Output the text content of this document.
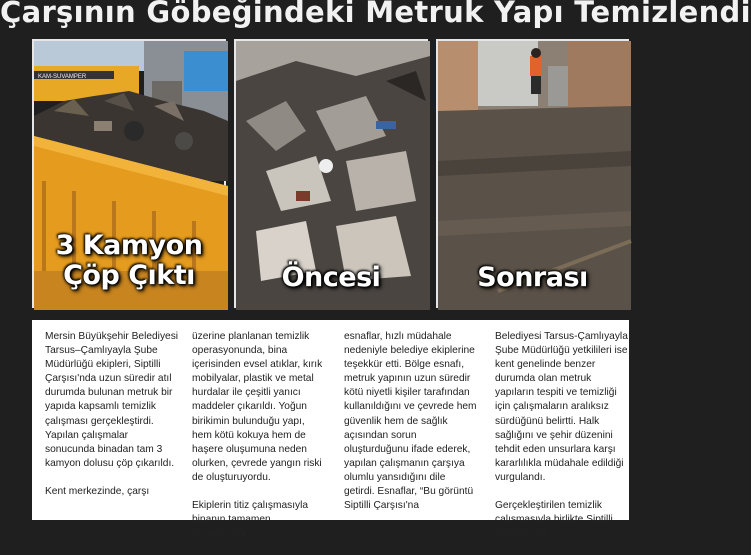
Çarşının Göbeğindeki Metruk Yapı Temizlendi
KAM-SUVAMPER
3 Kamyon
Çöp Çıktı	Öncesi	Sonrası

Mersin Büyükşehir Belediyesi Tarsus–Çamlıyayla Şube Müdürlüğü ekipleri, Siptilli Çarşısı'nda uzun süredir atıl durumda bulunan metruk bir yapıda kapsamlı temizlik çalışması gerçekleştirdi. Yapılan çalışmalar sonucunda binadan tam 3 kamyon dolusu çöp çıkarıldı.

Kent merkezinde, çarşı

üzerine planlanan temizlik operasyonunda, bina içerisinden evsel atıklar, kırık mobilyalar, plastik ve metal hurdalar ile çeşitli yanıcı maddeler çıkarıldı. Yoğun birikimin bulunduğu yapı, hem kötü kokuya hem de haşere oluşumuna neden olurken, çevrede yangın riski de oluşturuyordu.

Ekiplerin titiz çalışmasıyla binanın tamamen temizlendiği

esnaflar, hızlı müdahale nedeniyle belediye ekiplerine teşekkür etti. Bölge esnafı, metruk yapının uzun süredir kötü niyetli kişiler tarafından kullanıldığını ve çevrede hem güvenlik hem de sağlık açısından sorun oluşturduğunu ifade ederek, yapılan çalışmanın çarşıya olumlu yansıdığını dile getirdi. Esnaflar, “Bu görüntü Siptilli Çarşısı'na

Belediyesi Tarsus-Çamlıyayla Şube Müdürlüğü yetkilileri ise kent genelinde benzer durumda olan metruk yapıların tespiti ve temizliği için çalışmaların aralıksız sürdüğünü belirtti. Halk sağlığını ve şehir düzenini tehdit eden unsurlara karşı kararlılıkla müdahale edildiği vurgulandı.

Gerçekleştirilen temizlik çalışmasıyla birlikte Siptilli Çarşısı'nda
